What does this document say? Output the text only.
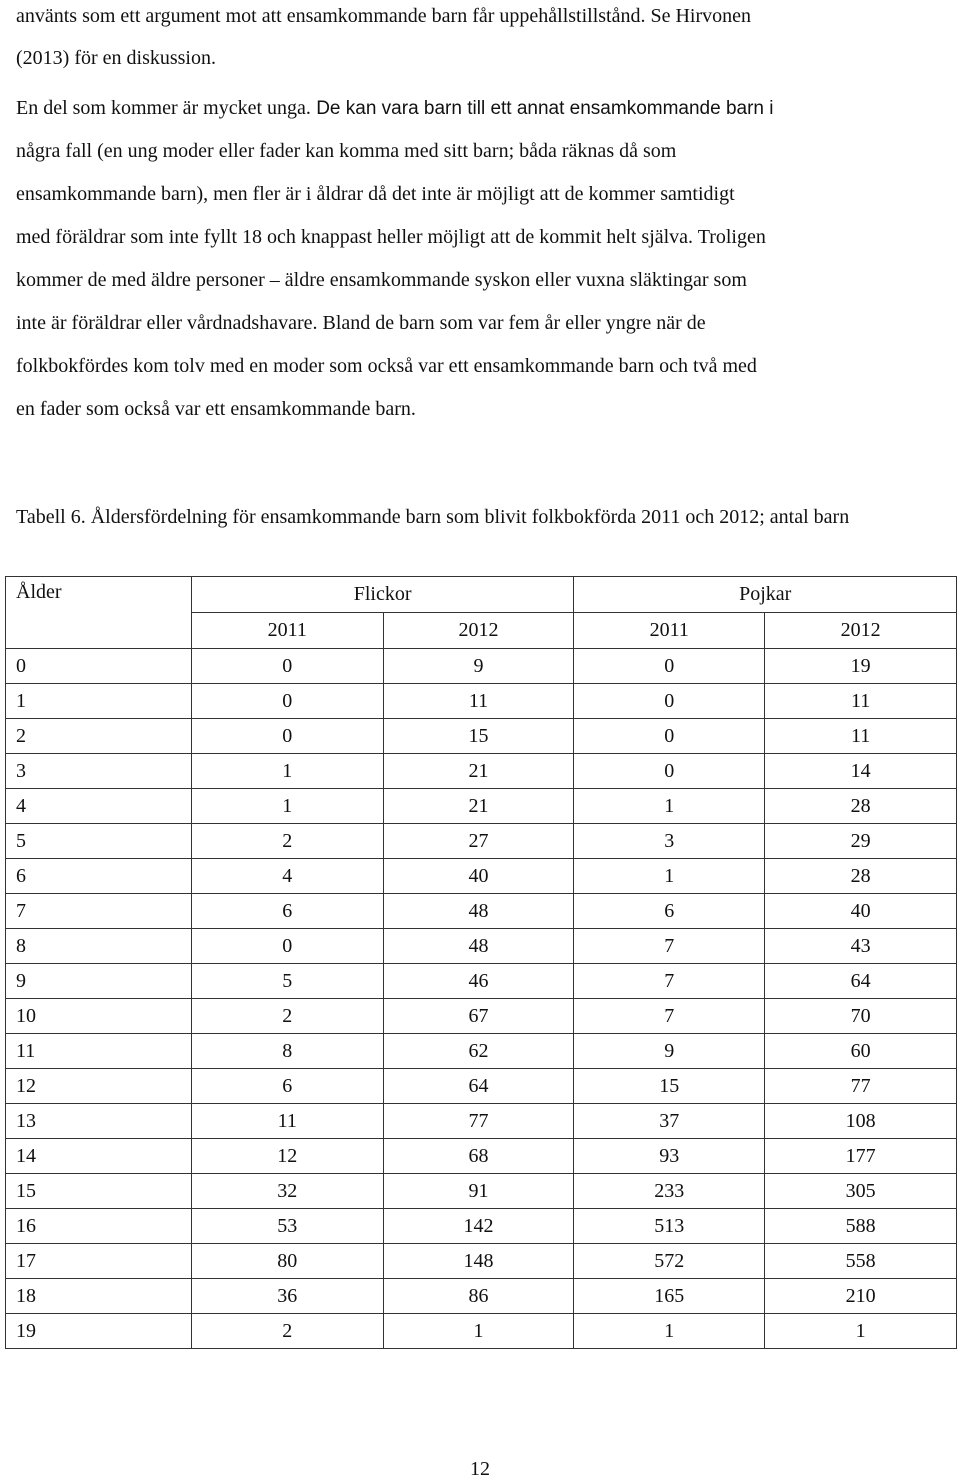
använts som ett argument mot att ensamkommande barn får uppehållstillstånd. Se Hirvonen
(2013) för en diskussion.
En del som kommer är mycket unga. De kan vara barn till ett annat ensamkommande barn i
några fall (en ung moder eller fader kan komma med sitt barn; båda räknas då som
ensamkommande barn), men fler är i åldrar då det inte är möjligt att de kommer samtidigt
med föräldrar som inte fyllt 18 och knappast heller möjligt att de kommit helt själva. Troligen
kommer de med äldre personer – äldre ensamkommande syskon eller vuxna släktingar som
inte är föräldrar eller vårdnadshavare. Bland de barn som var fem år eller yngre när de
folkbokfördes kom tolv med en moder som också var ett ensamkommande barn och två med
en fader som också var ett ensamkommande barn.

Tabell 6. Åldersfördelning för ensamkommande barn som blivit folkbokförda 2011 och 2012; antal barn

Ålder	Flickor		Pojkar	
	2011	2012	2011	2012
0	0	9	0	19
1	0	11	0	11
2	0	15	0	11
3	1	21	0	14
4	1	21	1	28
5	2	27	3	29
6	4	40	1	28
7	6	48	6	40
8	0	48	7	43
9	5	46	7	64
10	2	67	7	70
11	8	62	9	60
12	6	64	15	77
13	11	77	37	108
14	12	68	93	177
15	32	91	233	305
16	53	142	513	588
17	80	148	572	558
18	36	86	165	210
19	2	1	1	1
12
